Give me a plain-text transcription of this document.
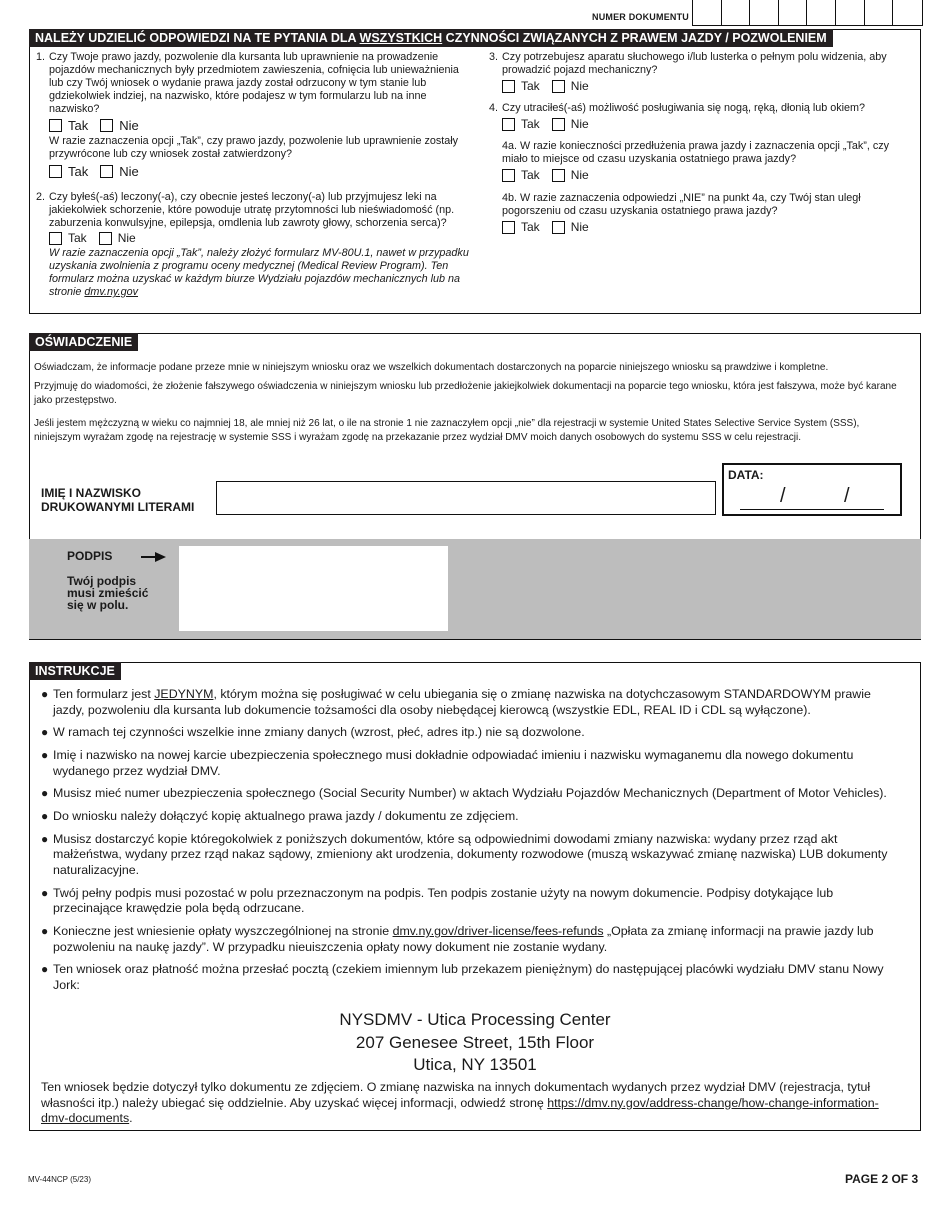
NUMER DOKUMENTU
NALEŻY UDZIELIĆ ODPOWIEDZI NA TE PYTANIA DLA WSZYSTKICH CZYNNOŚCI ZWIĄZANYCH Z PRAWEM JAZDY / POZWOLENIEM
1. Czy Twoje prawo jazdy, pozwolenie dla kursanta lub uprawnienie na prowadzenie pojazdów mechanicznych były przedmiotem zawieszenia, cofnięcia lub unieważnienia lub czy Twój wniosek o wydanie prawa jazdy został odrzucony w tym stanie lub gdziekolwiek indziej, na nazwisko, które podajesz w tym formularzu lub na inne nazwisko?
Tak Nie
W razie zaznaczenia opcji „Tak”, czy prawo jazdy, pozwolenie lub uprawnienie zostały przywrócone lub czy wniosek został zatwierdzony?
Tak Nie
2. Czy byłeś(-aś) leczony(-a), czy obecnie jesteś leczony(-a) lub przyjmujesz leki na jakiekolwiek schorzenie, które powoduje utratę przytomności lub nieświadomość (np. zaburzenia konwulsyjne, epilepsja, omdlenia lub zawroty głowy, schorzenia serca)?
Tak	Nie
W razie zaznaczenia opcji „Tak”, należy złożyć formularz MV-80U.1, nawet w przypadku uzyskania zwolnienia z programu oceny medycznej (Medical Review Program). Ten formularz można uzyskać w każdym biurze Wydziału pojazdów mechanicznych lub na stronie dmv.ny.gov
3. Czy potrzebujesz aparatu słuchowego i/lub lusterka o pełnym polu widzenia, aby prowadzić pojazd mechaniczny?
Tak	Nie
4. Czy utraciłeś(-aś) możliwość posługiwania się nogą, ręką, dłonią lub okiem?
Tak	Nie
4a. W razie konieczności przedłużenia prawa jazdy i zaznaczenia opcji „Tak”, czy miało to miejsce od czasu uzyskania ostatniego prawa jazdy?
Tak	Nie
4b. W razie zaznaczenia odpowiedzi „NIE” na punkt 4a, czy Twój stan uległ pogorszeniu od czasu uzyskania ostatniego prawa jazdy?
Tak	Nie
OŚWIADCZENIE
Oświadczam, że informacje podane przeze mnie w niniejszym wniosku oraz we wszelkich dokumentach dostarczonych na poparcie niniejszego wniosku są prawdziwe i kompletne.
Przyjmuję do wiadomości, że złożenie fałszywego oświadczenia w niniejszym wniosku lub przedłożenie jakiejkolwiek dokumentacji na poparcie tego wniosku, która jest fałszywa, może być karane jako przestępstwo.
Jeśli jestem mężczyzną w wieku co najmniej 18, ale mniej niż 26 lat, o ile na stronie 1 nie zaznaczyłem opcji „nie” dla rejestracji w systemie United States Selective Service System (SSS), niniejszym wyrażam zgodę na rejestrację w systemie SSS i wyrażam zgodę na przekazanie przez wydział DMV moich danych osobowych do systemu SSS w celu rejestracji.
IMIĘ I NAZWISKO
DRUKOWANYMI LITERAMI
DATA:
/	/
PODPIS
Twój podpis musi zmieścić się w polu.
INSTRUKCJE
● Ten formularz jest JEDYNYM, którym można się posługiwać w celu ubiegania się o zmianę nazwiska na dotychczasowym STANDARDOWYM prawie jazdy, pozwoleniu dla kursanta lub dokumencie tożsamości dla osoby niebędącej kierowcą (wszystkie EDL, REAL ID i CDL są wyłączone).
● W ramach tej czynności wszelkie inne zmiany danych (wzrost, płeć, adres itp.) nie są dozwolone.
● Imię i nazwisko na nowej karcie ubezpieczenia społecznego musi dokładnie odpowiadać imieniu i nazwisku wymaganemu dla nowego dokumentu wydanego przez wydział DMV.
● Musisz mieć numer ubezpieczenia społecznego (Social Security Number) w aktach Wydziału Pojazdów Mechanicznych (Department of Motor Vehicles).
● Do wniosku należy dołączyć kopię aktualnego prawa jazdy / dokumentu ze zdjęciem.
● Musisz dostarczyć kopie któregokolwiek z poniższych dokumentów, które są odpowiednimi dowodami zmiany nazwiska: wydany przez rząd akt małżeństwa, wydany przez rząd nakaz sądowy, zmieniony akt urodzenia, dokumenty rozwodowe (muszą wskazywać zmianę nazwiska) LUB dokumenty naturalizacyjne.
● Twój pełny podpis musi pozostać w polu przeznaczonym na podpis. Ten podpis zostanie użyty na nowym dokumencie. Podpisy dotykające lub przecinające krawędzie pola będą odrzucane.
● Konieczne jest wniesienie opłaty wyszczególnionej na stronie dmv.ny.gov/driver-license/fees-refunds „Opłata za zmianę informacji na prawie jazdy lub pozwoleniu na naukę jazdy”. W przypadku nieuiszczenia opłaty nowy dokument nie zostanie wydany.
● Ten wniosek oraz płatność można przesłać pocztą (czekiem imiennym lub przekazem pieniężnym) do następującej placówki wydziału DMV stanu Nowy Jork:
NYSDMV - Utica Processing Center
207 Genesee Street, 15th Floor
Utica, NY 13501
Ten wniosek będzie dotyczył tylko dokumentu ze zdjęciem. O zmianę nazwiska na innych dokumentach wydanych przez wydział DMV (rejestracja, tytuł własności itp.) należy ubiegać się oddzielnie. Aby uzyskać więcej informacji, odwiedź stronę https://dmv.ny.gov/address-change/how-change-information-dmv-documents.
MV-44NCP (5/23)	PAGE 2 OF 3
